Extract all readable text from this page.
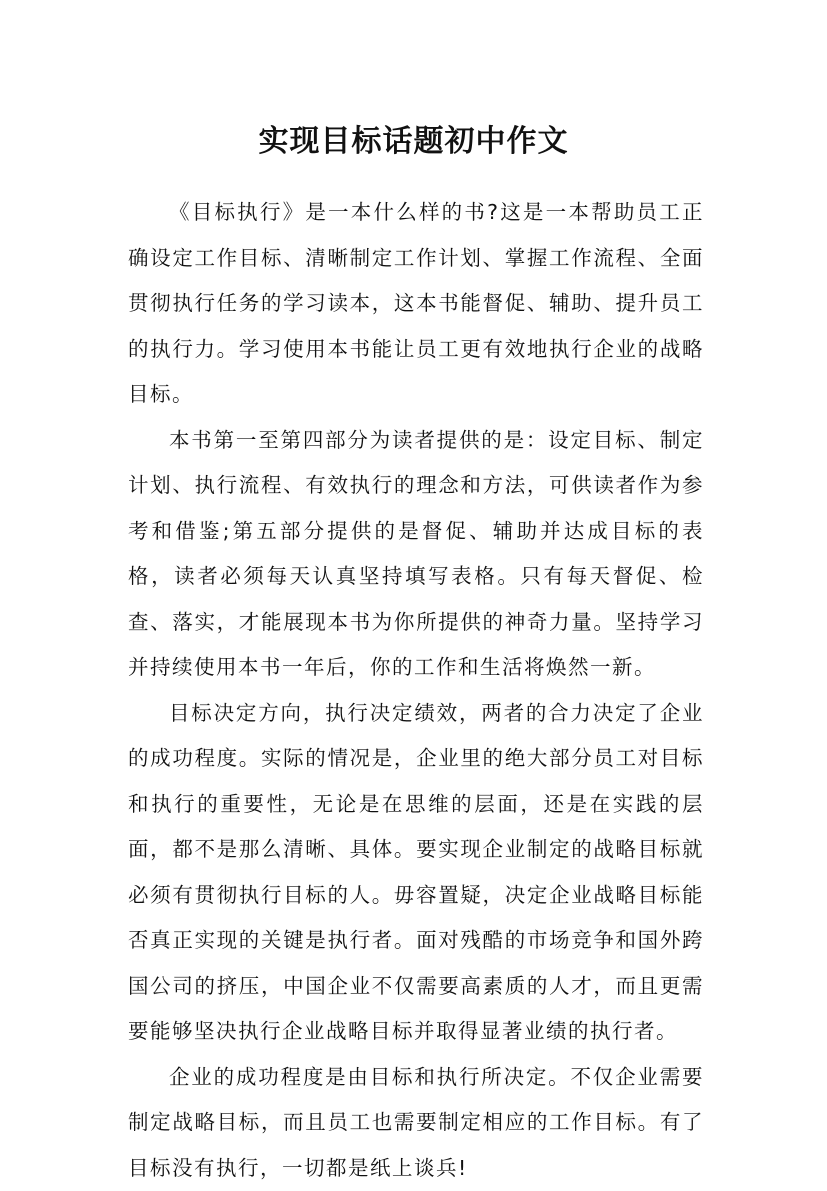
实现目标话题初中作文

《目标执行》是一本什么样的书?这是一本帮助员工正确设定工作目标、清晰制定工作计划、掌握工作流程、全面贯彻执行任务的学习读本，这本书能督促、辅助、提升员工的执行力。学习使用本书能让员工更有效地执行企业的战略目标。

本书第一至第四部分为读者提供的是：设定目标、制定计划、执行流程、有效执行的理念和方法，可供读者作为参考和借鉴;第五部分提供的是督促、辅助并达成目标的表格，读者必须每天认真坚持填写表格。只有每天督促、检查、落实，才能展现本书为你所提供的神奇力量。坚持学习并持续使用本书一年后，你的工作和生活将焕然一新。

目标决定方向，执行决定绩效，两者的合力决定了企业的成功程度。实际的情况是，企业里的绝大部分员工对目标和执行的重要性，无论是在思维的层面，还是在实践的层面，都不是那么清晰、具体。要实现企业制定的战略目标就必须有贯彻执行目标的人。毋容置疑，决定企业战略目标能否真正实现的关键是执行者。面对残酷的市场竞争和国外跨国公司的挤压，中国企业不仅需要高素质的人才，而且更需要能够坚决执行企业战略目标并取得显著业绩的执行者。

企业的成功程度是由目标和执行所决定。不仅企业需要制定战略目标，而且员工也需要制定相应的工作目标。有了目标没有执行，一切都是纸上谈兵!
